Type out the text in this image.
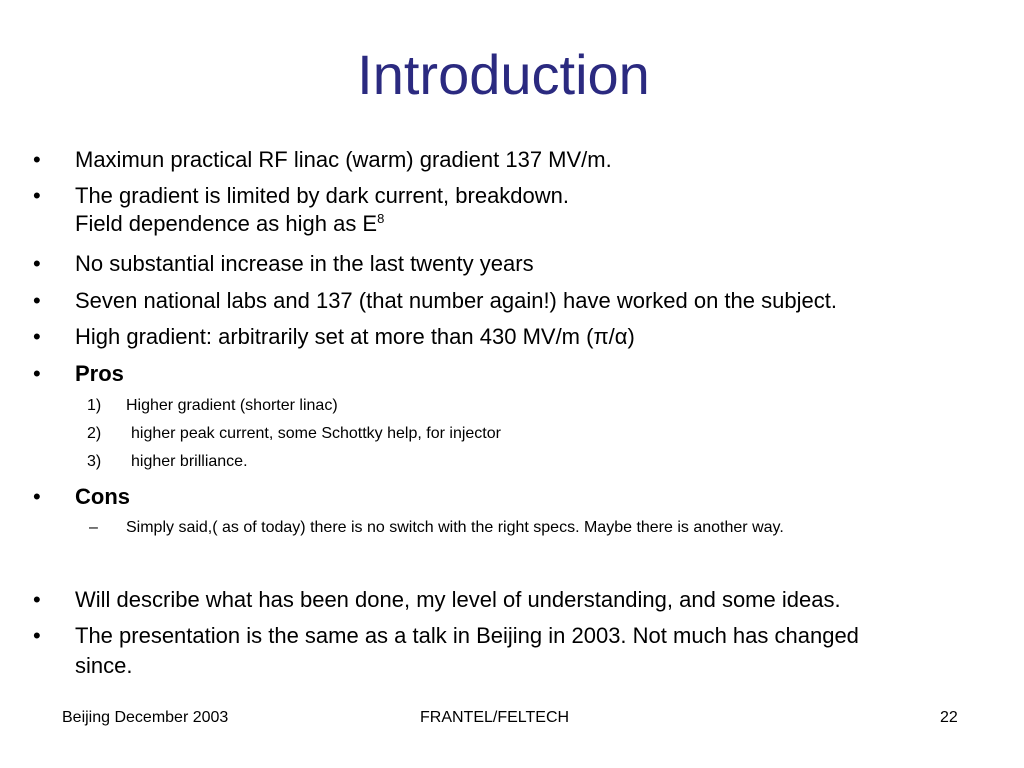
Introduction
• Maximun practical RF linac (warm) gradient 137 MV/m.
• The gradient is limited by dark current, breakdown.
Field dependence as high as $E^8$
• No substantial increase in the last twenty years
• Seven national labs and 137 (that number again!) have worked on the subject.
• High gradient: arbitrarily set at more than 430 MV/m (π/α)
• Pros
1) Higher gradient (shorter linac)
2) higher peak current, some Schottky help, for injector
3) higher brilliance.
• Cons
– Simply said,( as of today) there is no switch with the right specs. Maybe there is another way.
• Will describe what has been done, my level of understanding, and some ideas.
• The presentation is the same as a talk in Beijing in 2003. Not much has changed
since.
Beijing December 2003	FRANTEL/FELTECH	22
